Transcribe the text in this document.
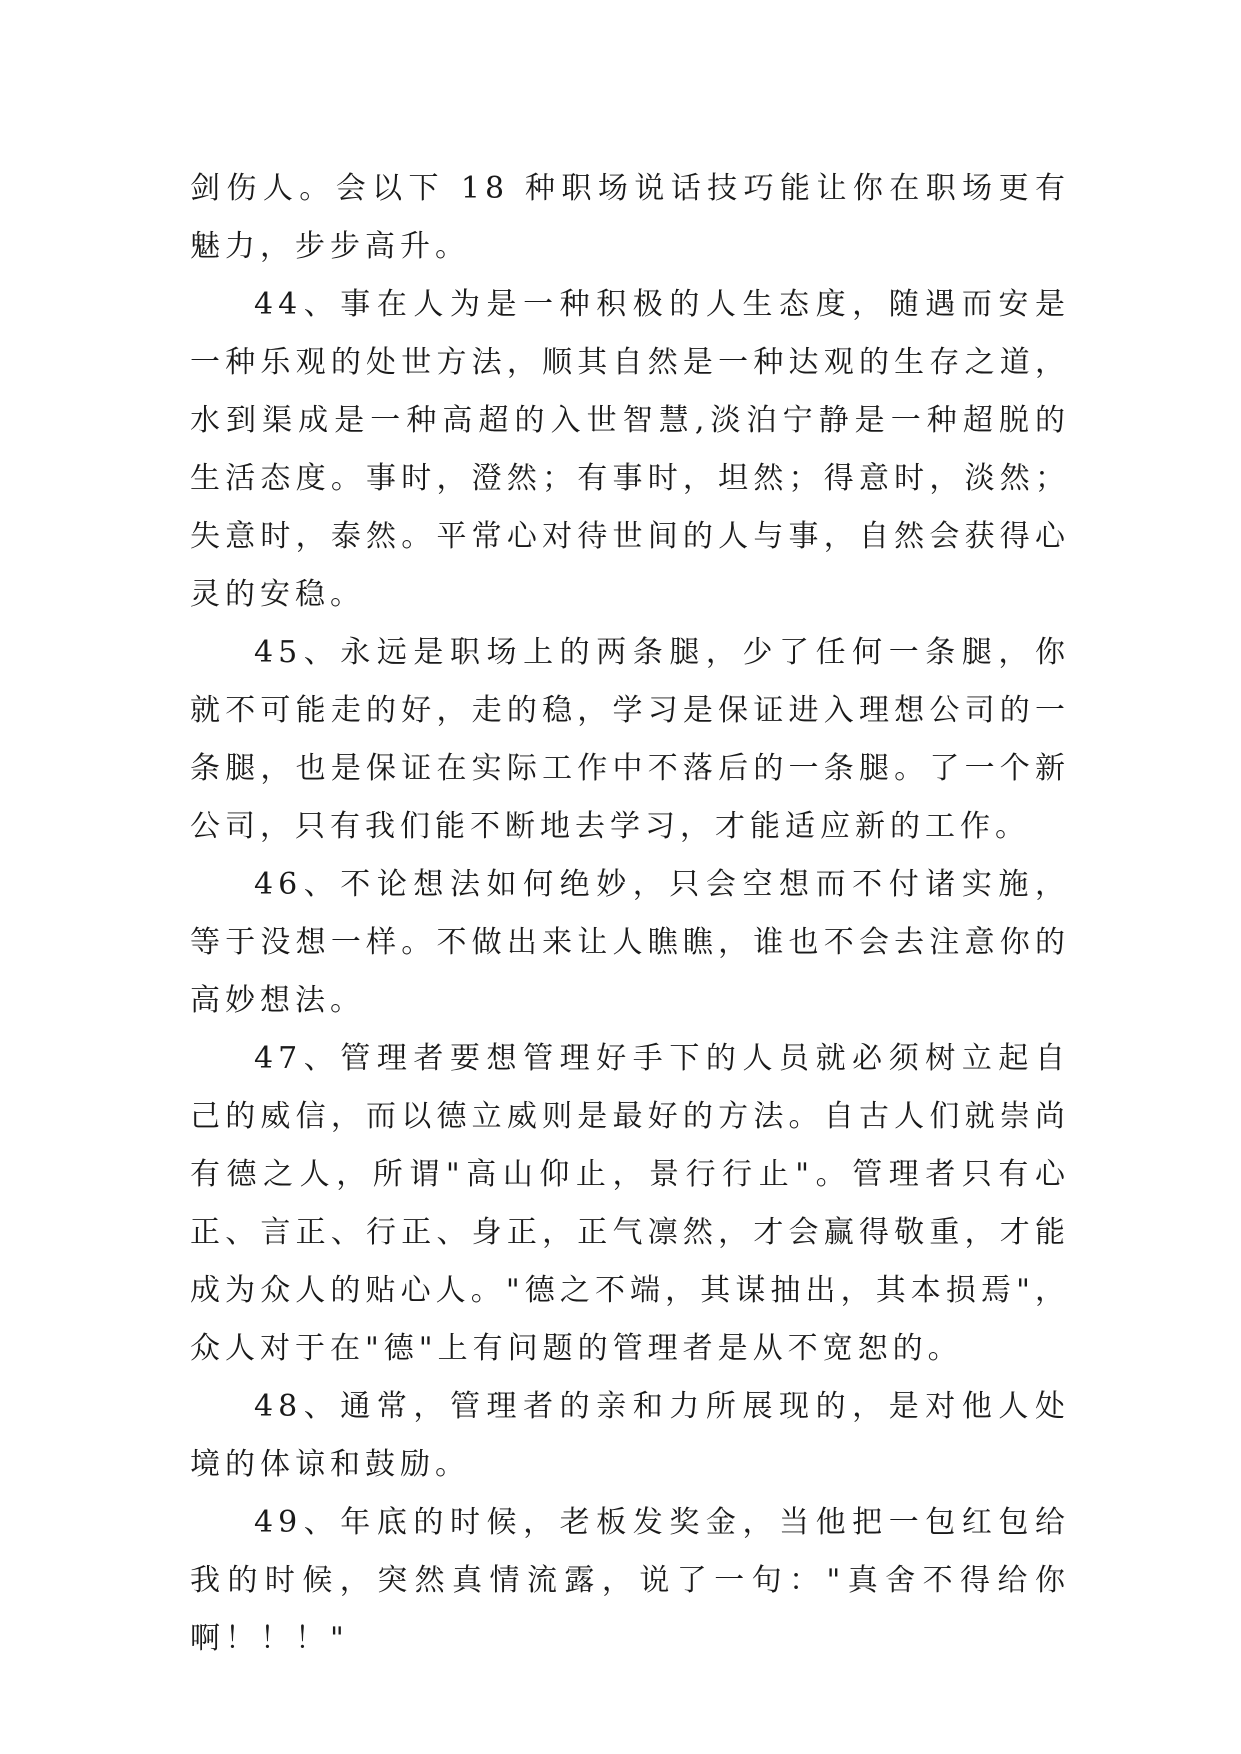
剑伤人。会以下 18 种职场说话技巧能让你在职场更有魅力，步步高升。

44、事在人为是一种积极的人生态度，随遇而安是一种乐观的处世方法，顺其自然是一种达观的生存之道，水到渠成是一种高超的入世智慧,淡泊宁静是一种超脱的生活态度。事时，澄然；有事时，坦然；得意时，淡然；失意时，泰然。平常心对待世间的人与事，自然会获得心灵的安稳。

45、永远是职场上的两条腿，少了任何一条腿，你就不可能走的好，走的稳，学习是保证进入理想公司的一条腿，也是保证在实际工作中不落后的一条腿。了一个新公司，只有我们能不断地去学习，才能适应新的工作。

46、不论想法如何绝妙，只会空想而不付诸实施，等于没想一样。不做出来让人瞧瞧，谁也不会去注意你的高妙想法。

47、管理者要想管理好手下的人员就必须树立起自己的威信，而以德立威则是最好的方法。自古人们就崇尚有德之人，所谓"高山仰止，景行行止"。管理者只有心正、言正、行正、身正，正气凛然，才会赢得敬重，才能成为众人的贴心人。"德之不端，其谋抽出，其本损焉"，众人对于在"德"上有问题的管理者是从不宽恕的。

48、通常，管理者的亲和力所展现的，是对他人处境的体谅和鼓励。

49、年底的时候，老板发奖金，当他把一包红包给我的时候，突然真情流露，说了一句："真舍不得给你啊！！！"
